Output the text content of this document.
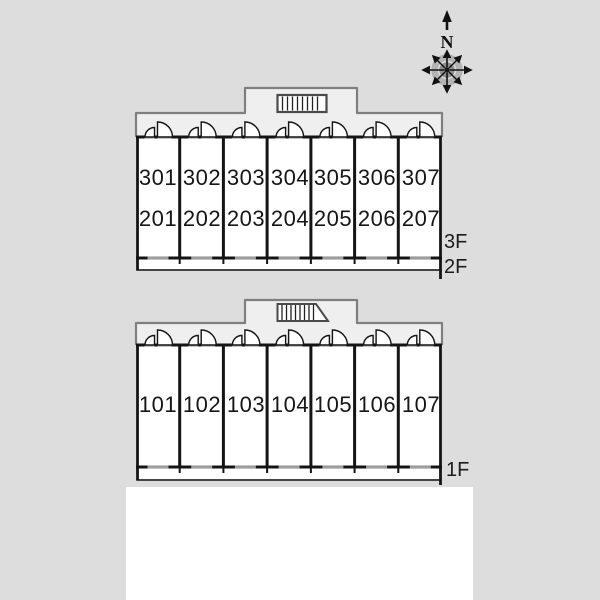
301 302 303 304 305 306 307
201 202 203 204 205 206 207
3F
2F
101 102 103 104 105 106 107
1F
N
